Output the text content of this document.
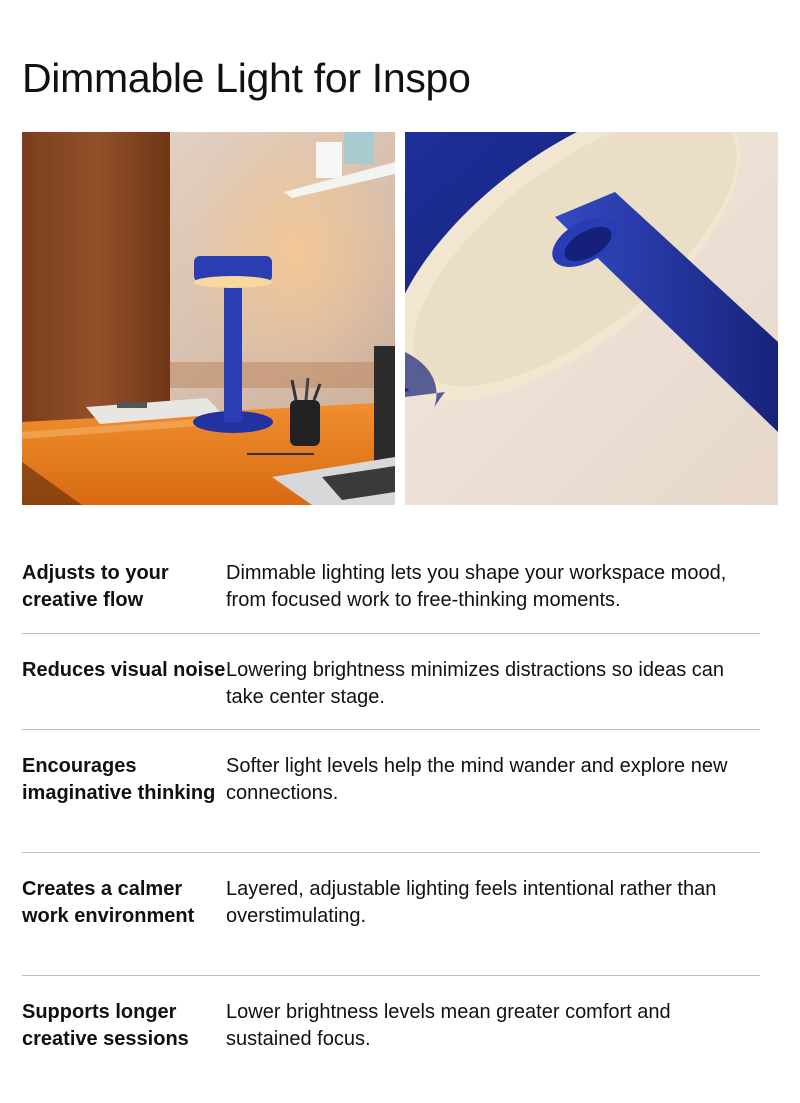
Dimmable Light for Inspo

Adjusts to your creative flow

Dimmable lighting lets you shape your workspace mood, from focused work to free-thinking moments.

Reduces visual noise Lowering brightness minimizes distractions so ideas can take center stage.

Encourages imaginative thinking

Softer light levels help the mind wander and explore new connections.

Creates a calmer work environment

Layered, adjustable lighting feels intentional rather than overstimulating.

Supports longer creative sessions

Lower brightness levels mean greater comfort and sustained focus.
